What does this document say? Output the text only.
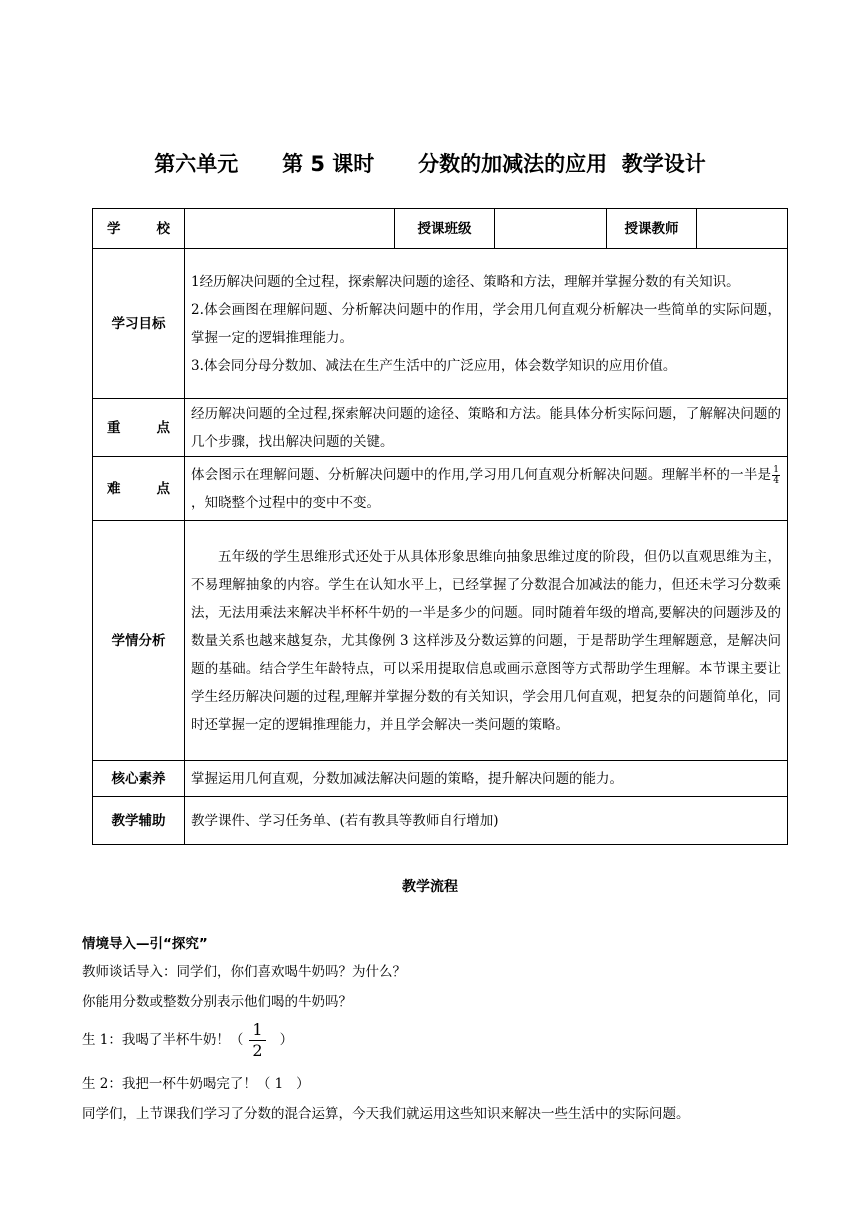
第六单元      第 5 课时      分数的加减法的应用  教学设计
学 校		授课班级		授课教师	
学习目标	1经历解决问题的全过程，探索解决问题的途径、策略和方法，理解并掌握分数的有关知识。

2.体会画图在理解问题、分析解决问题中的作用，学会用几何直观分析解决一些简单的实际问题，掌握一定的逻辑推理能力。

3.体会同分母分数加、减法在生产生活中的广泛应用，体会数学知识的应用价值。				

重 点	经历解决问题的全过程,探索解决问题的途径、策略和方法。能具体分析实际问题，了解解决问题的几个步骤，找出解决问题的关键。				
难 点	体会图示在理解问题、分析解决问题中的作用,学习用几何直观分析解决问题。理解半杯的一半是 $\frac{1}{4}$
，知晓整个过程中的变中不变。				
学情分析	五年级的学生思维形式还处于从具体形象思维向抽象思维过度的阶段，但仍以直观思维为主，不易理解抽象的内容。学生在认知水平上，已经掌握了分数混合加减法的能力，但还未学习分数乘法，无法用乘法来解决半杯杯牛奶的一半是多少的问题。同时随着年级的增高,要解决的问题涉及的数量关系也越来越复杂，尤其像例 3 这样涉及分数运算的问题，于是帮助学生理解题意，是解决问题的基础。结合学生年龄特点，可以采用提取信息或画示意图等方式帮助学生理解。本节课主要让学生经历解决问题的过程,理解并掌握分数的有关知识，学会用几何直观，把复杂的问题简单化，同时还掌握一定的逻辑推理能力，并且学会解决一类问题的策略。				

核心素养	掌握运用几何直观，分数加减法解决问题的策略，提升解决问题的能力。				
教学辅助	教学课件、学习任务单、(若有教具等教师自行增加)				
教学流程
情境导入—引“探究”
教师谈话导入：同学们，你们喜欢喝牛奶吗？为什么？
你能用分数或整数分别表示他们喝的牛奶吗？
生 1：我喝了半杯牛奶！（ $\frac{1}{2}$ ）
生 2：我把一杯牛奶喝完了！（ 1   ）
同学们，上节课我们学习了分数的混合运算，今天我们就运用这些知识来解决一些生活中的实际问题。
